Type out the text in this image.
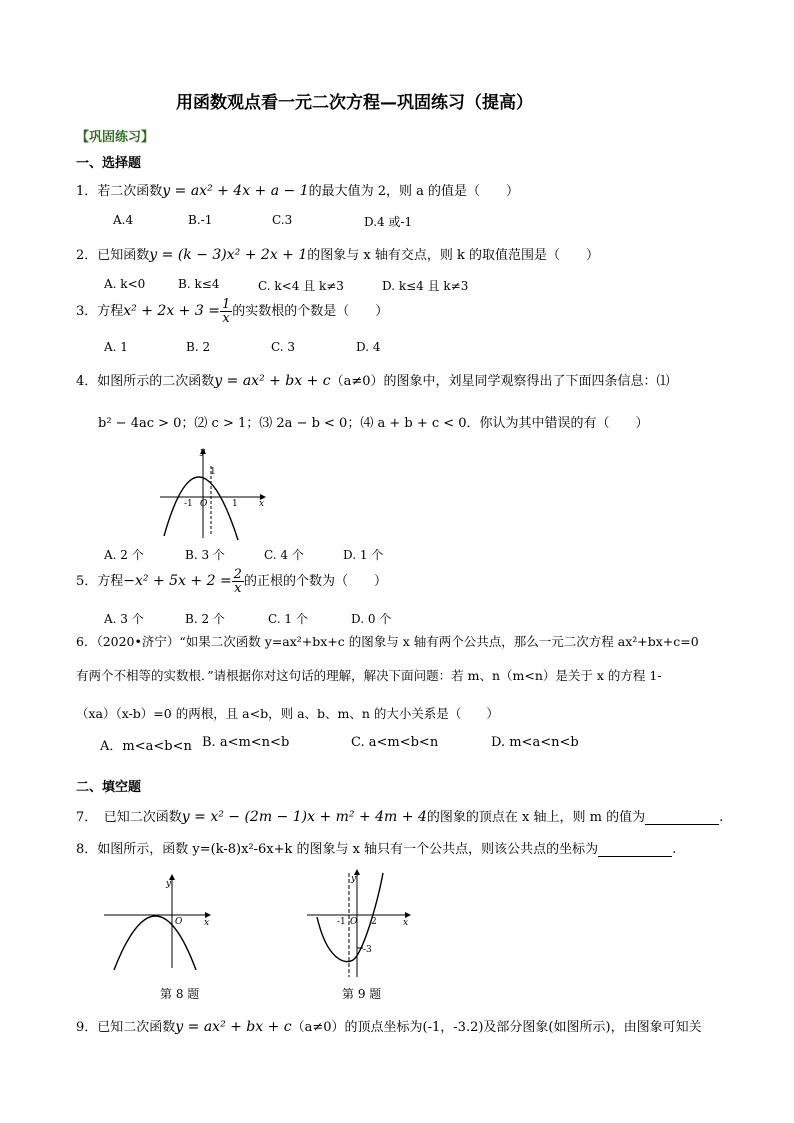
用函数观点看一元二次方程—巩固练习（提高）
【巩固练习】
一、选择题
1．若二次函数y = ax² + 4x + a − 1的最大值为 2，则 a 的值是（　　）
A.4	B.-1	C.3	D.4 或-1
2．已知函数y = (k − 3)x² + 2x + 1的图象与 x 轴有交点，则 k 的取值范围是（　　）
A. k<0	B. k≤4	C. k<4 且 k≠3	D. k≤4 且 k≠3
3．方程$x^2 + 2x + 3 = \frac{1}{x}$ 的实数根的个数是（　　）
A. 1	B. 2	C. 3	D. 4
4．如图所示的二次函数y = ax² + bx + c（a≠0）的图象中，刘星同学观察得出了下面四条信息：⑴
b² − 4ac > 0；⑵ c > 1；⑶ 2a − b < 0；⑷ a + b + c < 0．你认为其中错误的有（　　）
y
x
1
O
-1	1
A. 2 个	B. 3 个	C. 4 个	D. 1 个
5．方程$-x^2 + 5x + 2 = \frac{2}{x}$ 的正根的个数为（　　）
A. 3 个	B. 2 个	C. 1 个	D. 0 个
6．（2020•济宁）“如果二次函数 y=ax²+bx+c 的图象与 x 轴有两个公共点，那么一元二次方程 ax²+bx+c=0
有两个不相等的实数根．”请根据你对这句话的理解，解决下面问题：若 m、n（m<n）是关于 x 的方程 1-
（xa）（x-b）=0 的两根，且 a<b，则 a、b、m、n 的大小关系是（　　）
A．m<a<b<n B. a<m<n<b	C. a<m<b<n	D. m<a<n<b
二、填空题
7．　已知二次函数y = x² − (2m − 1)x + m² + 4m + 4的图象的顶点在 x 轴上，则 m 的值为	.
8．如图所示，函数 y=(k-8)x²-6x+k 的图象与 x 轴只有一个公共点，则该公共点的坐标为	.
y
x
O
第 8 题
y
x
-1 O 2
-3
第 9 题
9．已知二次函数y = ax² + bx + c（a≠0）的顶点坐标为(-1，-3.2)及部分图象(如图所示)，由图象可知关
